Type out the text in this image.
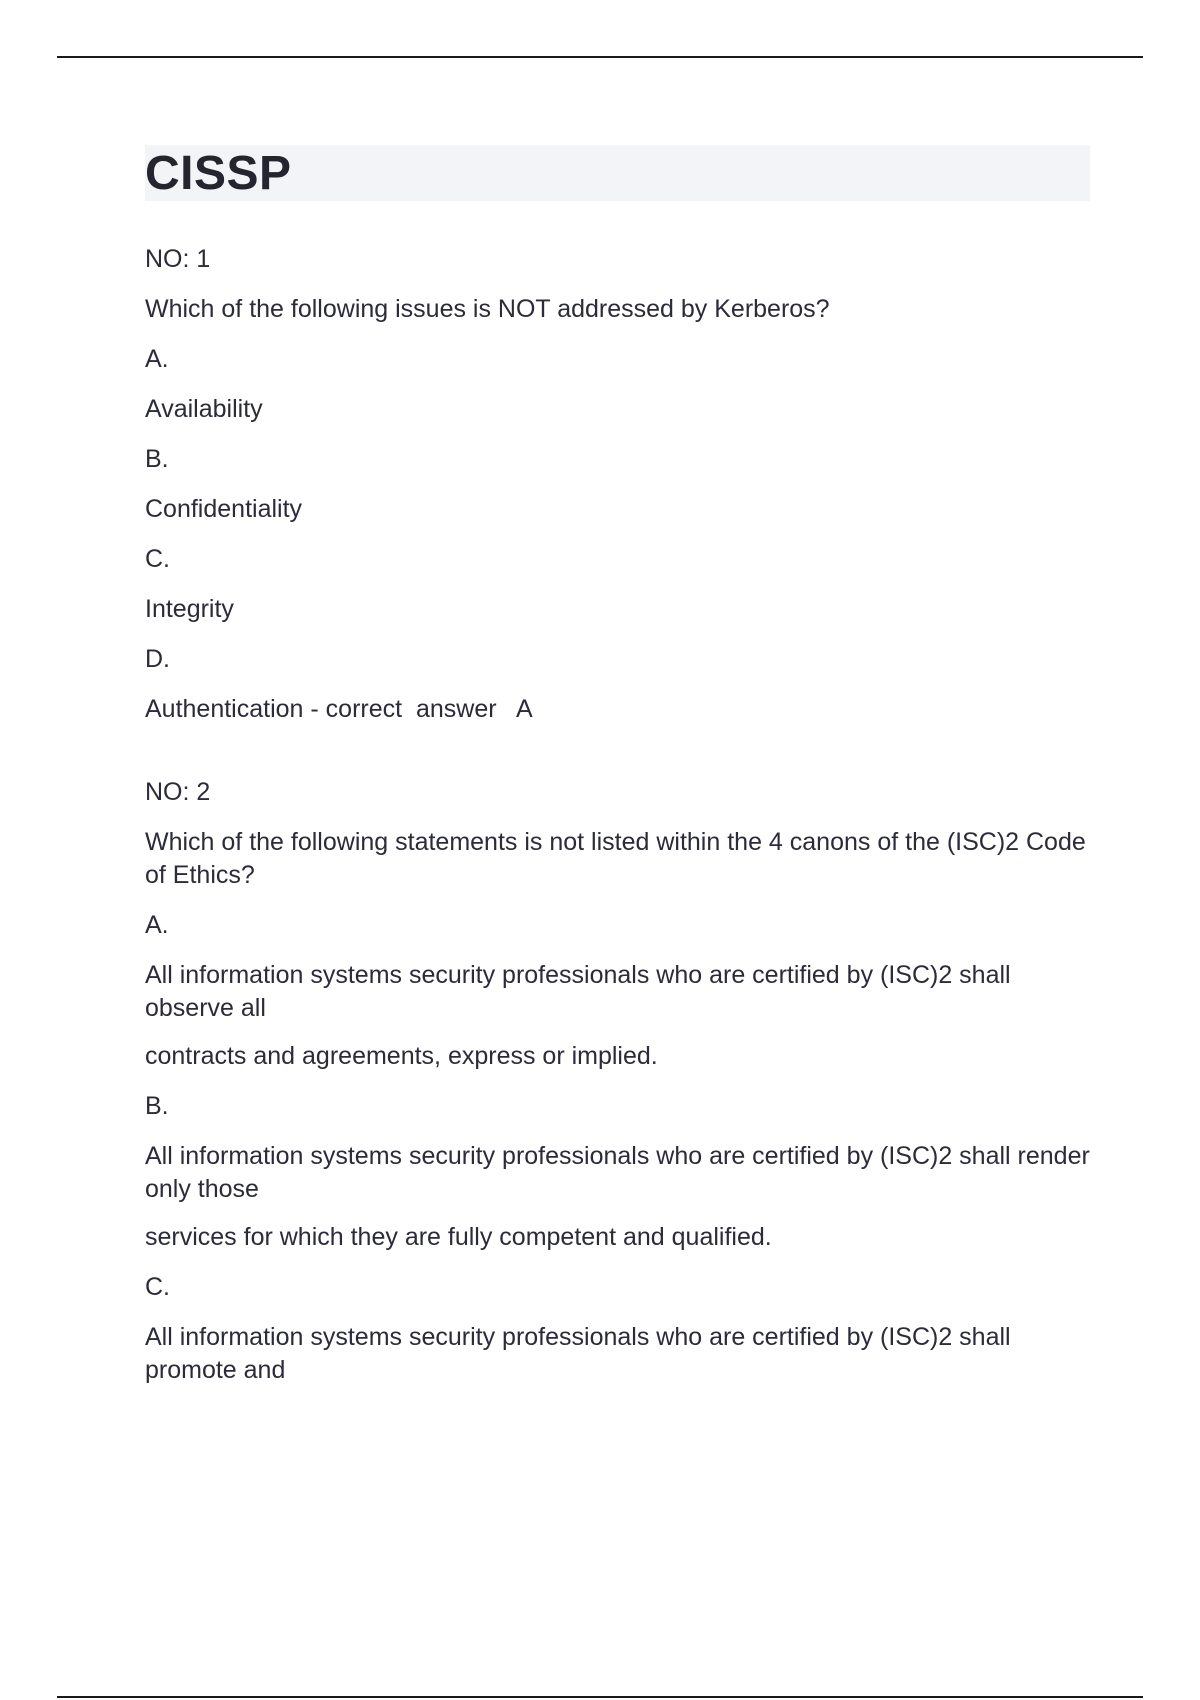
CISSP

NO: 1

Which of the following issues is NOT addressed by Kerberos?

A.

Availability

B.

Confidentiality

C.

Integrity

D.

Authentication - correct  answer   A

NO: 2

Which of the following statements is not listed within the 4 canons of the (ISC)2 Code of Ethics?

A.

All information systems security professionals who are certified by (ISC)2 shall observe all
contracts and agreements, express or implied.

B.

All information systems security professionals who are certified by (ISC)2 shall render only those
services for which they are fully competent and qualified.

C.

All information systems security professionals who are certified by (ISC)2 shall promote and
